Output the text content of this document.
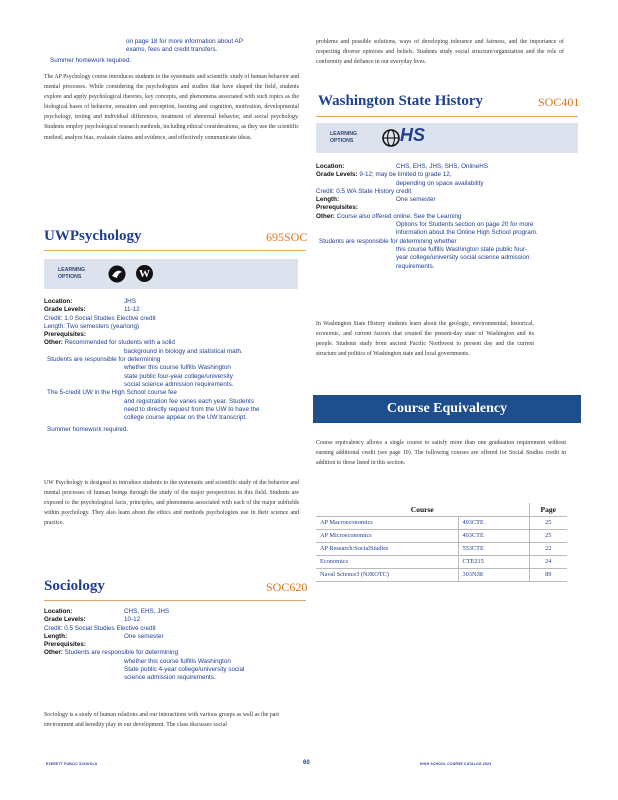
on page 18 for more information about AP
exams, fees and credit transfers.
Summer homework required.
The AP Psychology course introduces students to the systematic and scientific study of human behavior and mental processes. While considering the psychologists and studies that have shaped the field, students explore and apply psychological theories, key concepts, and phenomena associated with such topics as the biological bases of behavior, sensation and perception, learning and cognition, motivation, developmental psychology, testing and individual differences, treatment of abnormal behavior, and social psychology. Students employ psychological research methods, including ethical considerations, as they use the scientific method, analyze bias, evaluate claims and evidence, and effectively communicate ideas.
UWPsychology	695SOC
LEARNING
OPTIONS	W
Location:	JHS
Grade Levels:	11-12
Credit: 1.0 Social Studies Elective credit
Length: Two semesters (yearlong)
Prerequisites:
Other: Recommended for students with a solid
background in biology and statistical math.
Students are responsible for determining
whether this course fulfills Washington
state public four-year college/university
social science admission requirements.
The 5-credit UW in the High School course fee
and registration fee varies each year. Students
need to directly request from the UW to have the
college course appear on the UW transcript.
Summer homework required.
UW Psychology is designed to introduce students to the systematic and scientific study of the behavior and mental processes of human beings through the study of the major perspectives in this field. Students are exposed to the psychological facts, principles, and phenomena associated with each of the major subfields within psychology. They also learn about the ethics and methods psychologists use in their science and practice.
Sociology	SOC620
Location:	CHS, EHS, JHS
Grade Levels:	10-12
Credit: 0.5 Social Studies Elective credit
Length:	One semester
Prerequisites:
Other: Students are responsible for determining
whether this course fulfills Washington
State public 4-year college/university social
science admission requirements.
Sociology is a study of human relations and our interactions with various groups as well as the part environment and heredity play in our development. The class discusses social
problems and possible solutions, ways of developing tolerance and fairness, and the importance of respecting diverse opinions and beliefs. Students study social structure/organization and the role of conformity and defiance in our everyday lives.
Washington State History	SOC401
LEARNING
OPTIONS	HS
Location:	CHS, EHS, JHS, SHS, OnlineHS
Grade Levels: 9-12; may be limited to grade 12,
depending on space availability
Credit: 0.5 WA State History credit
Length:	One semester
Prerequisites:
Other: Course also offered online. See the Learning
Options for Students section on page 20 for more
information about the Online High School program.
Students are responsible for determining whether
this course fulfills Washington state public four-
year college/university social science admission
requirements.
In Washington State History students learn about the geologic, environmental, historical, economic, and current factors that created the present-day state of Washington and its people. Students study from ancient Pacific Northwest to present day and the current structure and politics of Washington state and local governments.
Course Equivalency
Course equivalency allows a single course to satisfy more than one graduation requirement without earning additional credit (see page 10). The following courses are offered for Social Studies credit in addition to those listed in this section.
Course		Page
AP Macroeconomics	493CTE	25
AP Microeconomics	493CTE	25
AP Research:SocialStudies	553CTE	22
Economics	CTE215	24
Naval Science3 (NJROTC)	303NJR	89
EVERETT PUBLIC SCHOOLS	60	HIGH SCHOOL COURSE CATALOG 2023
